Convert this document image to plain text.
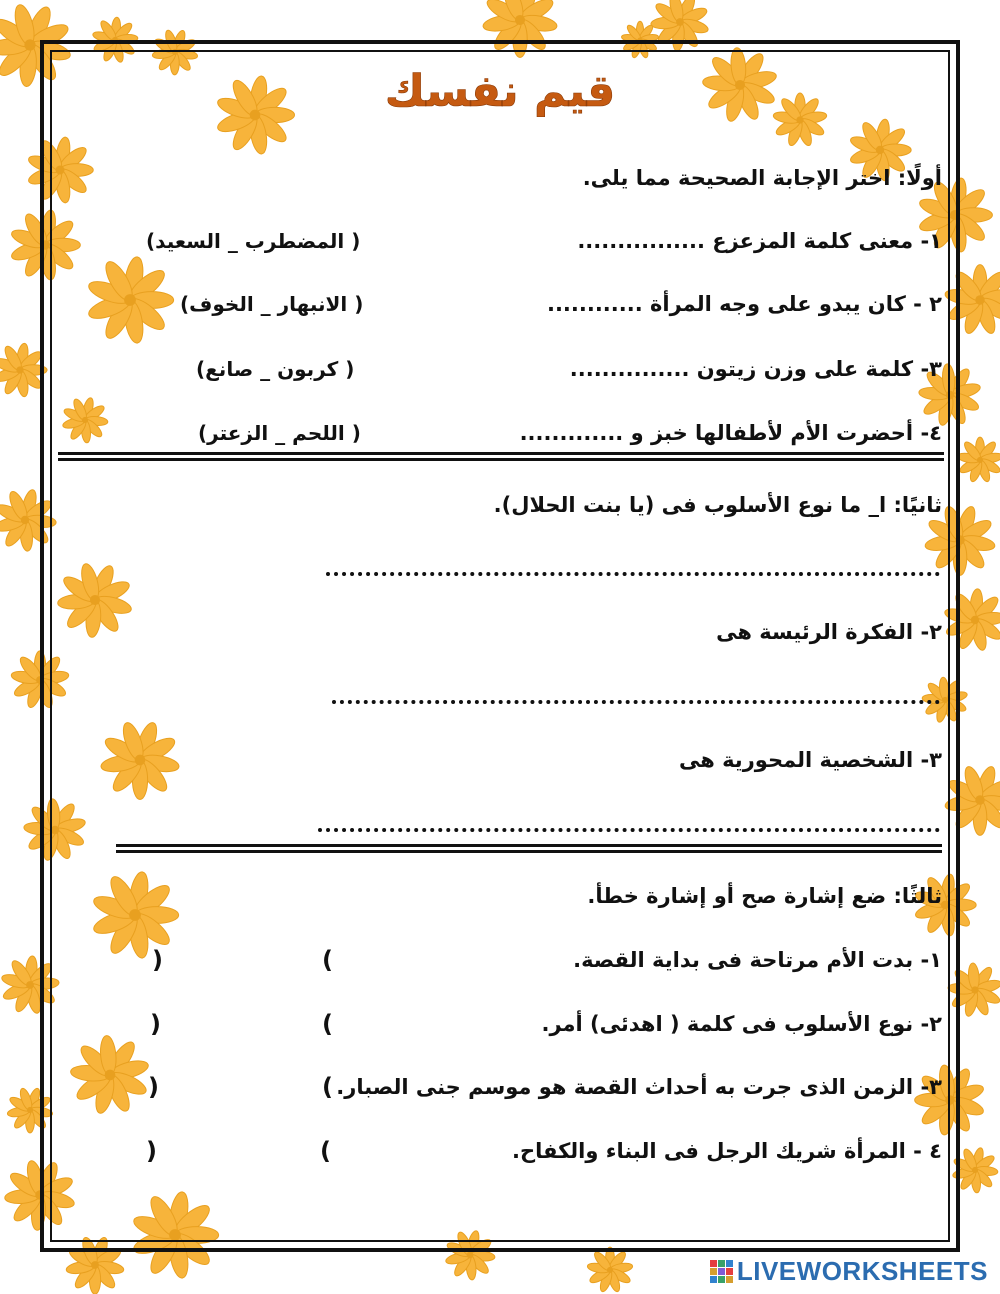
قيم نفسك
أولًا: اختر الإجابة الصحيحة مما يلى.
١- معنى كلمة المزعزع ................
( المضطرب _ السعيد)
٢ - كان يبدو على وجه المرأة ............
( الانبهار _ الخوف)
٣- كلمة على وزن زيتون ...............
( كربون _ صانع)
٤- أحضرت الأم لأطفالها خبز و .............
( اللحم _ الزعتر)
ثانيًا: ا_ ما نوع الأسلوب فى (يا بنت الحلال).
٢- الفكرة الرئيسة هى
٣- الشخصية المحورية هى
ثالثًا: ضع إشارة صح أو إشارة خطأ.
١- بدت الأم مرتاحة فى بداية القصة.
(
)
٢- نوع الأسلوب فى كلمة ( اهدئى) أمر.
(
)
٣- الزمن الذى جرت به أحداث القصة هو موسم جنى الصبار.
(
)
٤ - المرأة شريك الرجل فى البناء والكفاح.
(
)
LIVEWORKSHEETS
